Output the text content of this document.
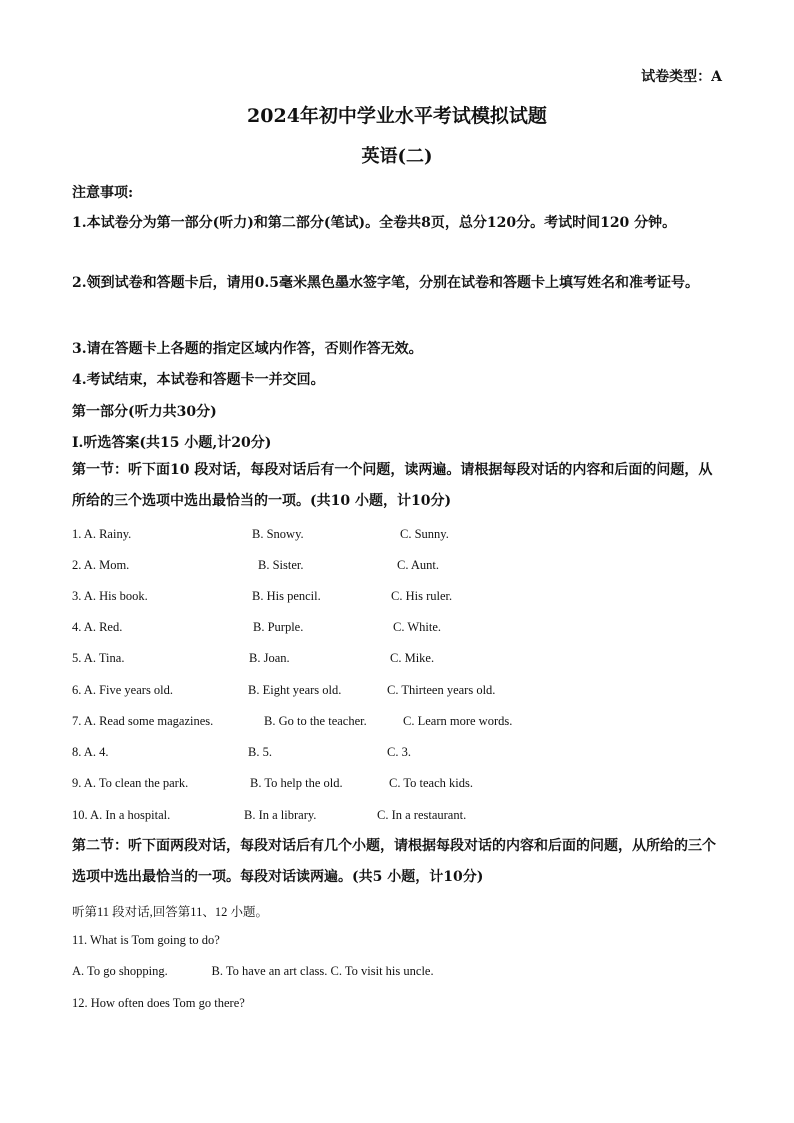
试卷类型：A
2024年初中学业水平考试模拟试题
英语(二)
注意事项:
1.本试卷分为第一部分(听力)和第二部分(笔试)。全卷共8页，总分120分。考试时间120 分钟。
2.领到试卷和答题卡后，请用0.5毫米黑色墨水签字笔，分别在试卷和答题卡上填写姓名和准考证号。
3.请在答题卡上各题的指定区域内作答，否则作答无效。
4.考试结束，本试卷和答题卡一并交回。
第一部分(听力共30分)
Ⅰ.听选答案(共15 小题,计20分)
第一节：听下面10 段对话，每段对话后有一个问题，读两遍。请根据每段对话的内容和后面的问题，从所给的三个选项中选出最恰当的一项。(共10 小题，计10分)
1. A. Rainy.	B. Snowy.	C. Sunny.
2. A. Mom.	B. Sister.	C. Aunt.
3. A. His book.	B. His pencil.	C. His ruler.
4. A. Red.	B. Purple.	C. White.
5. A. Tina.	B. Joan.	C. Mike.
6. A. Five years old.	B. Eight years old.	C. Thirteen years old.
7. A. Read some magazines.	B. Go to the teacher.	C. Learn more words.
8. A. 4.	B. 5.	C. 3.
9. A. To clean the park.	B. To help the old.	C. To teach kids.
10. A. In a hospital.	B. In a library.	C. In a restaurant.
第二节：听下面两段对话，每段对话后有几个小题，请根据每段对话的内容和后面的问题，从所给的三个选项中选出最恰当的一项。每段对话读两遍。(共5 小题，计10分)
听第11 段对话,回答第11、12 小题。
11. What is Tom going to do?
A. To go shopping.              B. To have an art class. C. To visit his uncle.
12. How often does Tom go there?
